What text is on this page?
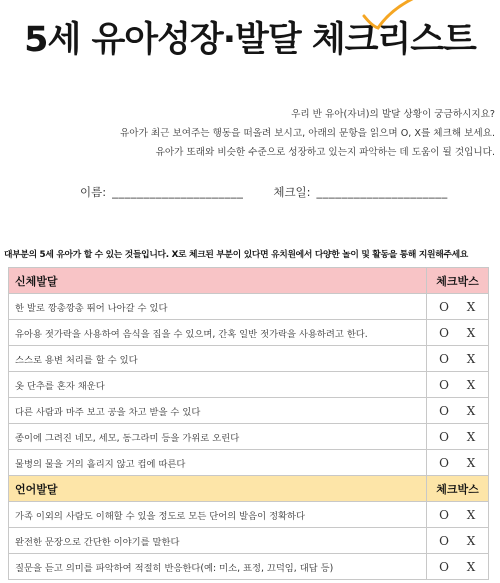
5세 유아성장·발달 체크리스트
우리 반 유아(자녀)의 발달 상황이 궁금하시지요?
유아가 최근 보여주는 행동을 떠올려 보시고, 아래의 문항을 읽으며 O, X를 체크해 보세요.
유아가 또래와 비슷한 수준으로 성장하고 있는지 파악하는 데 도움이 될 것입니다.
이름: _____________________	체크일: _____________________
대부분의 5세 유아가 할 수 있는 것들입니다. X로 체크된 부분이 있다면 유치원에서 다양한 놀이 및 활동을 통해 지원해주세요
신체발달	체크박스
한 발로 깡총깡총 뛰어 나아갈 수 있다	O X
유아용 젓가락을 사용하여 음식을 집을 수 있으며, 간혹 일반 젓가락을 사용하려고 한다.	O X
스스로 용변 처리를 할 수 있다	O X
옷 단추를 혼자 채운다	O X
다른 사람과 마주 보고 공을 차고 받을 수 있다	O X
종이에 그려진 네모, 세모, 동그라미 등을 가위로 오린다	O X
물병의 물을 거의 흘리지 않고 컵에 따른다	O X
언어발달	체크박스
가족 이외의 사람도 이해할 수 있을 정도로 모든 단어의 발음이 정확하다	O X
완전한 문장으로 간단한 이야기를 말한다	O X
질문을 듣고 의미를 파악하여 적절히 반응한다(예: 미소, 표정, 끄덕임, 대답 등)	O X
